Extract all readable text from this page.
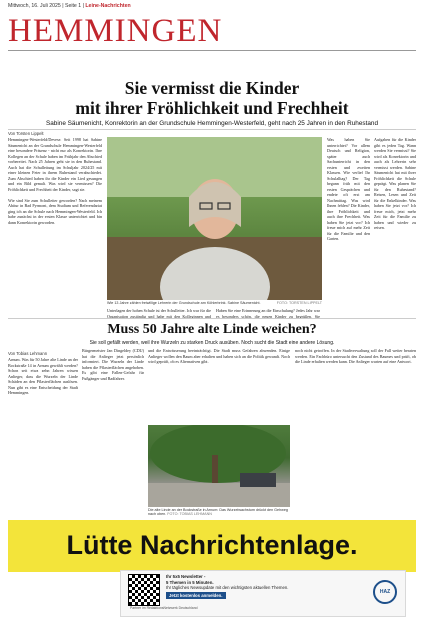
Mittwoch, 16. Juli 2025 | Seite 1 | Leine-Nachrichten
HEMMINGEN
Sie vermisst die Kinder
mit ihrer Fröhlichkeit und Frechheit
Sabine Säumenicht, Konrektorin an der Grundschule Hemmingen-Westerfeld, geht nach 25 Jahren in den Ruhestand
Von Torsten Lippelt
Hemmingen-Westerfeld/Devese. Seit 1998 hat Sabine Säumenicht an der Grundschule Hemmingen-Westerfeld eine besondere Präsenz - nicht nur als Konrektorin. Ihre Kollegen an der Schule haben im Frühjahr den Abschied vorbereitet. Nach 25 Jahren geht sie in den Ruhestand. Auch hat die Schulleitung im Schuljahr 2024/25 mit einer kleinen Feier in ihrem Ruhestand verabschiedet. Zum Abschied haben ihr die Kinder ein Lied gesungen und ein Bild gemalt. Was wird sie vermissen? Die Fröhlichkeit und Frechheit der Kinder, sagt sie.

Wie sind Sie zum Schulleiter geworden? Nach meinem Abitur in Bad Pyrmont, dem Studium und Referendariat ging ich an die Schule nach Hemmingen-Westerfeld. Ich habe zunächst in der ersten Klasse unterrichtet und bin dann Konrektorin geworden.
Wie 13 Jahre zählen freiwillige Lehrerin der Grundschule am Köhlerbrink. Sabine Säumenicht.	FOTO: TORSTEN LIPPELT
Unterlagen der hohen Schule ist der Schulleiter. Ich war für die Organisation zuständig und habe mit den Kolleginnen und
Haben Sie eine Erinnerung an die Einschulung? Jedes Jahr war es besonders schön, die neuen Kinder zu begrüßen. Sie
Was haben Sie unterrichtet? Vor allem Deutsch und Religion, später auch Sachunterricht in den ersten und zweiten Klassen. Wie verlief Ihr Schulalltag? Der Tag begann früh mit den ersten Gesprächen und endete oft erst am Nachmittag. Was wird Ihnen fehlen? Die Kinder, ihre Fröhlichkeit und auch ihre Frechheit. Was haben Sie jetzt vor? Ich freue mich auf mehr Zeit für die Familie und den Garten.
Aufgaben für die Kinder gibt es jeden Tag. Wann werden Sie vermisst? Sie wird als Konrektorin und auch als Lehrerin sehr vermisst werden. Sabine Säumenicht hat mit ihrer Fröhlichkeit die Schule geprägt. Was planen Sie für den Ruhestand? Reisen, Lesen und Zeit für die Enkelkinder. Was haben Sie jetzt vor? Ich freue mich, jetzt mehr Zeit für die Familie zu haben und wieder zu reisen.
Muss 50 Jahre alte Linde weichen?
Sie soll gefällt werden, weil ihre Wurzeln zu starken Druck ausüben. Noch sucht die Stadt eine andere Lösung.
Von Tobias Lehmann
Arnum. Was für 50 Jahre alte Linde an der Bockstraße 14 in Arnum gewählt werden? Schon seit etwa zehn Jahren wissen Anlieger, dass die Wurzeln der Linde Schäden an den Pflasterflächen auslösen. Nun gibt es eine Entscheidung der Stadt Hemmingen.
Bürgermeister Jan Dingeldey (CDU) hat die Anlieger jetzt persönlich informiert. Die Wurzeln der Linde haben die Pflasterflächen angehoben. Es gibt eine Fallen-Gefahr für Fußgänger und Radfahrer.
und die Entwässerung beeinträchtigt. Die Stadt muss Gefahren abwenden. Einige Anlieger wollen den Baum aber erhalten und haben sich an die Politik gewandt. Noch wird geprüft, ob es Alternativen gibt.
noch nicht getroffen. In der Stadtverwaltung soll der Fall weiter beraten werden. Ein Fachbüro untersucht den Zustand des Baumes und prüft, ob die Linde erhalten werden kann. Die Anlieger warten auf eine Antwort.
Die alte Linde an der Bockstraße in Arnum: Das Wurzelwachstum drückt den Gehweg nach oben. FOTO: TOBIAS LEHMANN
Lütte Nachrichtenlage.
Ihr 5x5 Newsletter -
5 Themen in 5 Minuten.
Ihr tägliches Newsupdate mit den wichtigsten aktuellen Themen.
Jetzt kostenlos anmelden.
HAZ
Partner im RedaktionsNetzwerk Deutschland
